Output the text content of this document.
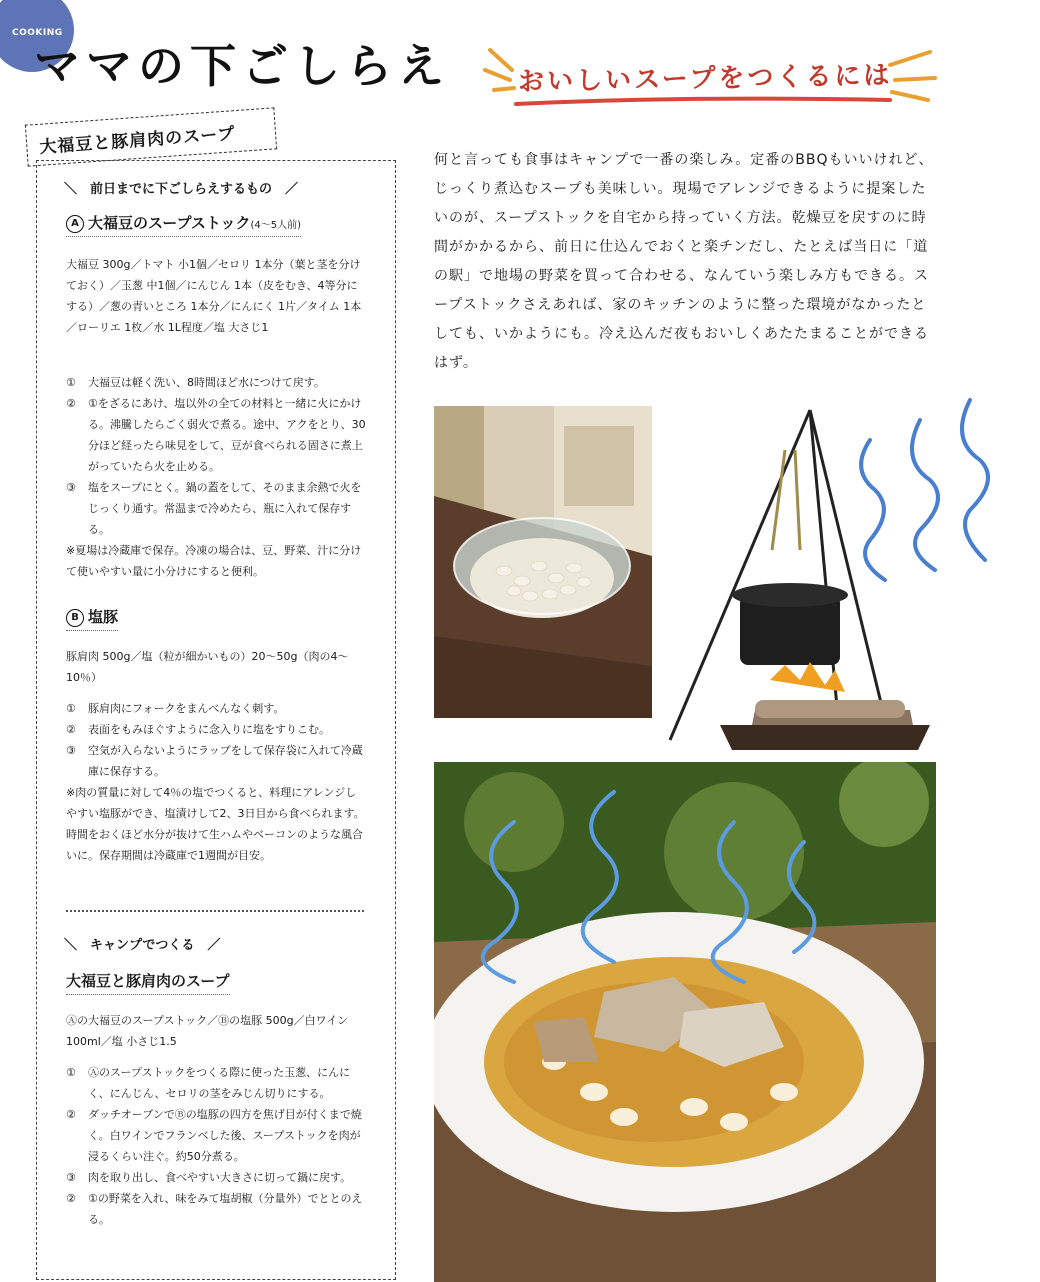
COOKING
ママの下ごしらえ	おいしいスープをつくるには
大福豆と豚肩肉のスープ
＼　前日までに下ごしらえするもの　／
A 大福豆のスープストック(4〜5人前)
大福豆 300g／トマト 小1個／セロリ 1本分（葉と茎を分けておく）／玉葱 中1個／にんじん 1本（皮をむき、4等分にする）／葱の青いところ 1本分／にんにく 1片／タイム 1本／ローリエ 1枚／水 1L程度／塩 大さじ1
①	大福豆は軽く洗い、8時間ほど水につけて戻す。
②	①をざるにあけ、塩以外の全ての材料と一緒に火にかける。沸騰したらごく弱火で煮る。途中、アクをとり、30分ほど経ったら味見をして、豆が食べられる固さに煮上がっていたら火を止める。
③	塩をスープにとく。鍋の蓋をして、そのまま余熱で火をじっくり通す。常温まで冷めたら、瓶に入れて保存する。
※夏場は冷蔵庫で保存。冷凍の場合は、豆、野菜、汁に分けて使いやすい量に小分けにすると便利。
B 塩豚
豚肩肉 500g／塩（粒が細かいもの）20〜50g（肉の4〜10％）
①	豚肩肉にフォークをまんべんなく刺す。
②	表面をもみほぐすように念入りに塩をすりこむ。
③	空気が入らないようにラップをして保存袋に入れて冷蔵庫に保存する。
※肉の質量に対して4％の塩でつくると、料理にアレンジしやすい塩豚ができ、塩漬けして2、3日目から食べられます。時間をおくほど水分が抜けて生ハムやベーコンのような風合いに。保存期間は冷蔵庫で1週間が目安。
＼　キャンプでつくる　／
大福豆と豚肩肉のスープ
Ⓐの大福豆のスープストック／Ⓑの塩豚 500g／白ワイン 100ml／塩 小さじ1.5
①	Ⓐのスープストックをつくる際に使った玉葱、にんにく、にんじん、セロリの茎をみじん切りにする。
②	ダッチオーブンでⒷの塩豚の四方を焦げ目が付くまで焼く。白ワインでフランベした後、スープストックを肉が浸るくらい注ぐ。約50分煮る。
③	肉を取り出し、食べやすい大きさに切って鍋に戻す。
②	①の野菜を入れ、味をみて塩胡椒（分量外）でととのえる。
何と言っても食事はキャンプで一番の楽しみ。定番のBBQもいいけれど、じっくり煮込むスープも美味しい。現場でアレンジできるように提案したいのが、スープストックを自宅から持っていく方法。乾燥豆を戻すのに時間がかかるから、前日に仕込んでおくと楽チンだし、たとえば当日に「道の駅」で地場の野菜を買って合わせる、なんていう楽しみ方もできる。スープストックさえあれば、家のキッチンのように整った環境がなかったとしても、いかようにも。冷え込んだ夜もおいしくあたたまることができるはず。
